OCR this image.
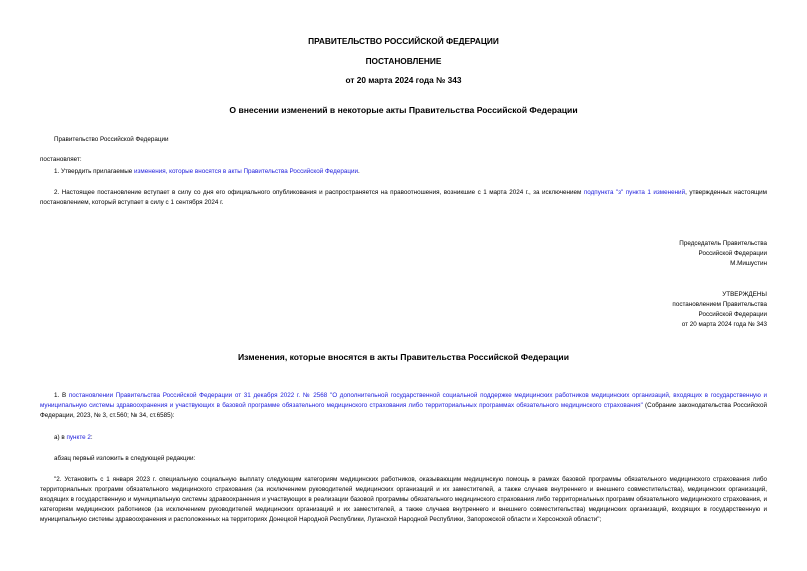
ПРАВИТЕЛЬСТВО РОССИЙСКОЙ ФЕДЕРАЦИИ

ПОСТАНОВЛЕНИЕ

от 20 марта 2024 года № 343

О внесении изменений в некоторые акты Правительства Российской Федерации

Правительство Российской Федерации

постановляет:

1. Утвердить прилагаемые изменения, которые вносятся в акты Правительства Российской Федерации.

2. Настоящее постановление вступает в силу со дня его официального опубликования и распространяется на правоотношения, возникшие с 1 марта 2024 г., за исключением подпункта "з" пункта 1 изменений, утвержденных настоящим постановлением, который вступает в силу с 1 сентября 2024 г.

Председатель Правительства
Российской Федерации
М.Мишустин
УТВЕРЖДЕНЫ
постановлением Правительства
Российской Федерации
от 20 марта 2024 года № 343

Изменения, которые вносятся в акты Правительства Российской Федерации

1. В постановлении Правительства Российской Федерации от 31 декабря 2022 г. № 2568 "О дополнительной государственной социальной поддержке медицинских работников медицинских организаций, входящих в государственную и муниципальную системы здравоохранения и участвующих в базовой программе обязательного медицинского страхования либо территориальных программах обязательного медицинского страхования" (Собрание законодательства Российской Федерации, 2023, № 3, ст.560; № 34, ст.6585):

а) в пункте 2:

абзац первый изложить в следующей редакции:

"2. Установить с 1 января 2023 г. специальную социальную выплату следующим категориям медицинских работников, оказывающим медицинскую помощь в рамках базовой программы обязательного медицинского страхования либо территориальных программ обязательного медицинского страхования (за исключением руководителей медицинских организаций и их заместителей, а также случаев внутреннего и внешнего совместительства), медицинских организаций, входящих в государственную и муниципальную системы здравоохранения и участвующих в реализации базовой программы обязательного медицинского страхования либо территориальных программ обязательного медицинского страхования, и категориям медицинских работников (за исключением руководителей медицинских организаций и их заместителей, а также случаев внутреннего и внешнего совместительства) медицинских организаций, входящих в государственную и муниципальную системы здравоохранения и расположенных на территориях Донецкой Народной Республики, Луганской Народной Республики, Запорожской области и Херсонской области";
